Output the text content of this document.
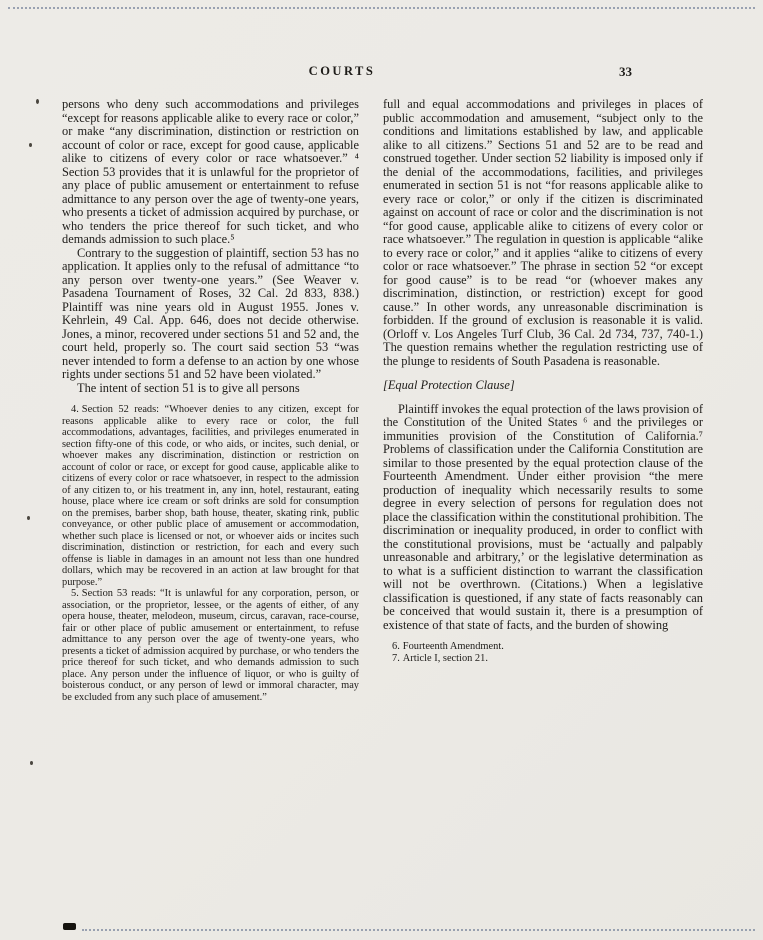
COURTS	33

persons who deny such accommodations and privileges “except for reasons applicable alike to every race or color,” or make “any discrimination, distinction or restriction on account of color or race, except for good cause, applicable alike to citizens of every color or race whatsoever.” ⁴ Section 53 provides that it is unlawful for the proprietor of any place of public amusement or entertainment to refuse admittance to any person over the age of twenty-one years, who presents a ticket of admission acquired by purchase, or who tenders the price thereof for such ticket, and who demands admission to such place.⁵

Contrary to the suggestion of plaintiff, section 53 has no application. It applies only to the refusal of admittance “to any person over twenty-one years.” (See Weaver v. Pasadena Tournament of Roses, 32 Cal. 2d 833, 838.) Plaintiff was nine years old in August 1955. Jones v. Kehrlein, 49 Cal. App. 646, does not decide otherwise. Jones, a minor, recovered under sections 51 and 52 and, the court held, properly so. The court said section 53 “was never intended to form a defense to an action by one whose rights under sections 51 and 52 have been violated.”

The intent of section 51 is to give all persons

4. Section 52 reads: “Whoever denies to any citizen, except for reasons applicable alike to every race or color, the full accommodations, advantages, facilities, and privileges enumerated in section fifty-one of this code, or who aids, or incites, such denial, or whoever makes any discrimination, distinction or restriction on account of color or race, or except for good cause, applicable alike to citizens of every color or race whatsoever, in respect to the admission of any citizen to, or his treatment in, any inn, hotel, restaurant, eating house, place where ice cream or soft drinks are sold for consumption on the premises, barber shop, bath house, theater, skating rink, public conveyance, or other public place of amusement or accommodation, whether such place is licensed or not, or whoever aids or incites such discrimination, distinction or restriction, for each and every such offense is liable in damages in an amount not less than one hundred dollars, which may be recovered in an action at law brought for that purpose.”

5. Section 53 reads: “It is unlawful for any corporation, person, or association, or the proprietor, lessee, or the agents of either, of any opera house, theater, melodeon, museum, circus, caravan, race-course, fair or other place of public amusement or entertainment, to refuse admittance to any person over the age of twenty-one years, who presents a ticket of admission acquired by purchase, or who tenders the price thereof for such ticket, and who demands admission to such place. Any person under the influence of liquor, or who is guilty of boisterous conduct, or any person of lewd or immoral character, may be excluded from any such place of amusement.”

full and equal accommodations and privileges in places of public accommodation and amusement, “subject only to the conditions and limitations established by law, and applicable alike to all citizens.” Sections 51 and 52 are to be read and construed together. Under section 52 liability is imposed only if the denial of the accommodations, facilities, and privileges enumerated in section 51 is not “for reasons applicable alike to every race or color,” or only if the citizen is discriminated against on account of race or color and the discrimination is not “for good cause, applicable alike to citizens of every color or race whatsoever.” The regulation in question is applicable “alike to every race or color,” and it applies “alike to citizens of every color or race whatsoever.” The phrase in section 52 “or except for good cause” is to be read “or (whoever makes any discrimination, distinction, or restriction) except for good cause.” In other words, any unreasonable discrimination is forbidden. If the ground of exclusion is reasonable it is valid. (Orloff v. Los Angeles Turf Club, 36 Cal. 2d 734, 737, 740-1.) The question remains whether the regulation restricting use of the plunge to residents of South Pasadena is reasonable.

[Equal Protection Clause]

Plaintiff invokes the equal protection of the laws provision of the Constitution of the United States ⁶ and the privileges or immunities provision of the Constitution of California.⁷ Problems of classification under the California Constitution are similar to those presented by the equal protection clause of the Fourteenth Amendment. Under either provision “the mere production of inequality which necessarily results to some degree in every selection of persons for regulation does not place the classification within the constitutional prohibition. The discrimination or inequality produced, in order to conflict with the constitutional provisions, must be ‘actually and palpably unreasonable and arbitrary,’ or the legislative determination as to what is a sufficient distinction to warrant the classification will not be overthrown. (Citations.) When a legislative classification is questioned, if any state of facts reasonably can be conceived that would sustain it, there is a presumption of existence of that state of facts, and the burden of showing

6. Fourteenth Amendment.

7. Article I, section 21.
